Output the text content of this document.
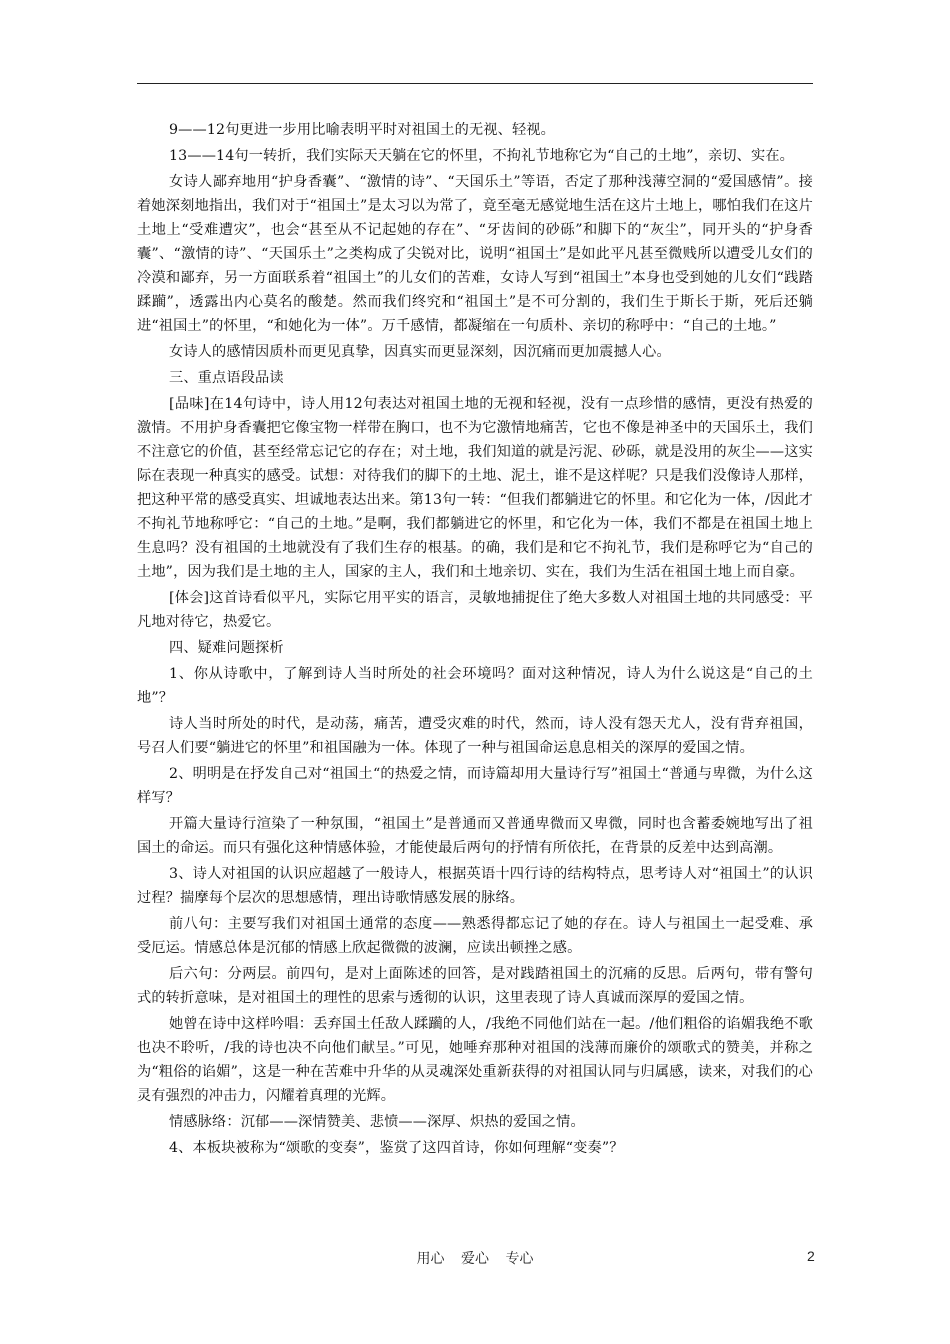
9——12句更进一步用比喻表明平时对祖国土的无视、轻视。

13——14句一转折，我们实际天天躺在它的怀里，不拘礼节地称它为“自己的土地”，亲切、实在。

女诗人鄙弃地用“护身香囊”、“激情的诗”、“天国乐土”等语，否定了那种浅薄空洞的“爱国感情”。接着她深刻地指出，我们对于“祖国土”是太习以为常了，竟至毫无感觉地生活在这片土地上，哪怕我们在这片土地上“受难遭灾”，也会“甚至从不记起她的存在”、“牙齿间的砂砾”和脚下的“灰尘”，同开头的“护身香囊”、“激情的诗”、“天国乐土”之类构成了尖锐对比，说明“祖国土”是如此平凡甚至微贱所以遭受儿女们的冷漠和鄙弃，另一方面联系着“祖国土”的儿女们的苦难，女诗人写到“祖国土”本身也受到她的儿女们“践踏蹂躏”，透露出内心莫名的酸楚。然而我们终究和“祖国土”是不可分割的，我们生于斯长于斯，死后还躺进“祖国土”的怀里，“和她化为一体”。万千感情，都凝缩在一句质朴、亲切的称呼中：“自己的土地。”

女诗人的感情因质朴而更见真挚，因真实而更显深刻，因沉痛而更加震撼人心。

三、重点语段品读

[品味]在14句诗中，诗人用12句表达对祖国土地的无视和轻视，没有一点珍惜的感情，更没有热爱的激情。不用护身香囊把它像宝物一样带在胸口，也不为它激情地痛苦，它也不像是神圣中的天国乐土，我们不注意它的价值，甚至经常忘记它的存在；对土地，我们知道的就是污泥、砂砾，就是没用的灰尘——这实际在表现一种真实的感受。试想：对待我们的脚下的土地、泥土，谁不是这样呢？只是我们没像诗人那样，把这种平常的感受真实、坦诚地表达出来。第13句一转：“但我们都躺进它的怀里。和它化为一体，/因此才不拘礼节地称呼它：“自己的土地。”是啊，我们都躺进它的怀里，和它化为一体，我们不都是在祖国土地上生息吗？没有祖国的土地就没有了我们生存的根基。的确，我们是和它不拘礼节，我们是称呼它为“自己的土地”，因为我们是土地的主人，国家的主人，我们和土地亲切、实在，我们为生活在祖国土地上而自豪。

[体会]这首诗看似平凡，实际它用平实的语言，灵敏地捕捉住了绝大多数人对祖国土地的共同感受：平凡地对待它，热爱它。

四、疑难问题探析

1、你从诗歌中，了解到诗人当时所处的社会环境吗？面对这种情况，诗人为什么说这是“自己的土地”？

诗人当时所处的时代，是动荡，痛苦，遭受灾难的时代，然而，诗人没有怨天尤人，没有背弃祖国，号召人们要“躺进它的怀里”和祖国融为一体。体现了一种与祖国命运息息相关的深厚的爱国之情。

2、明明是在抒发自己对“祖国土“的热爱之情，而诗篇却用大量诗行写”祖国土“普通与卑微，为什么这样写？

开篇大量诗行渲染了一种氛围，“祖国土”是普通而又普通卑微而又卑微，同时也含蓄委婉地写出了祖国土的命运。而只有强化这种情感体验，才能使最后两句的抒情有所依托，在背景的反差中达到高潮。

3、诗人对祖国的认识应超越了一般诗人，根据英语十四行诗的结构特点，思考诗人对“祖国土”的认识过程？揣摩每个层次的思想感情，理出诗歌情感发展的脉络。

前八句：主要写我们对祖国土通常的态度——熟悉得都忘记了她的存在。诗人与祖国土一起受难、承受厄运。情感总体是沉郁的情感上欣起微微的波澜，应读出顿挫之感。

后六句：分两层。前四句，是对上面陈述的回答，是对践踏祖国土的沉痛的反思。后两句，带有警句式的转折意味，是对祖国土的理性的思索与透彻的认识，这里表现了诗人真诚而深厚的爱国之情。

她曾在诗中这样吟唱：丢弃国土任敌人蹂躏的人，/我绝不同他们站在一起。/他们粗俗的谄媚我绝不歌也决不聆听，/我的诗也决不向他们献呈。”可见，她唾弃那种对祖国的浅薄而廉价的颂歌式的赞美，并称之为“粗俗的谄媚”，这是一种在苦难中升华的从灵魂深处重新获得的对祖国认同与归属感，读来，对我们的心灵有强烈的冲击力，闪耀着真理的光辉。

情感脉络：沉郁——深情赞美、悲愤——深厚、炽热的爱国之情。

4、本板块被称为“颂歌的变奏”，鉴赏了这四首诗，你如何理解“变奏”？

用心 爱心 专心	2
